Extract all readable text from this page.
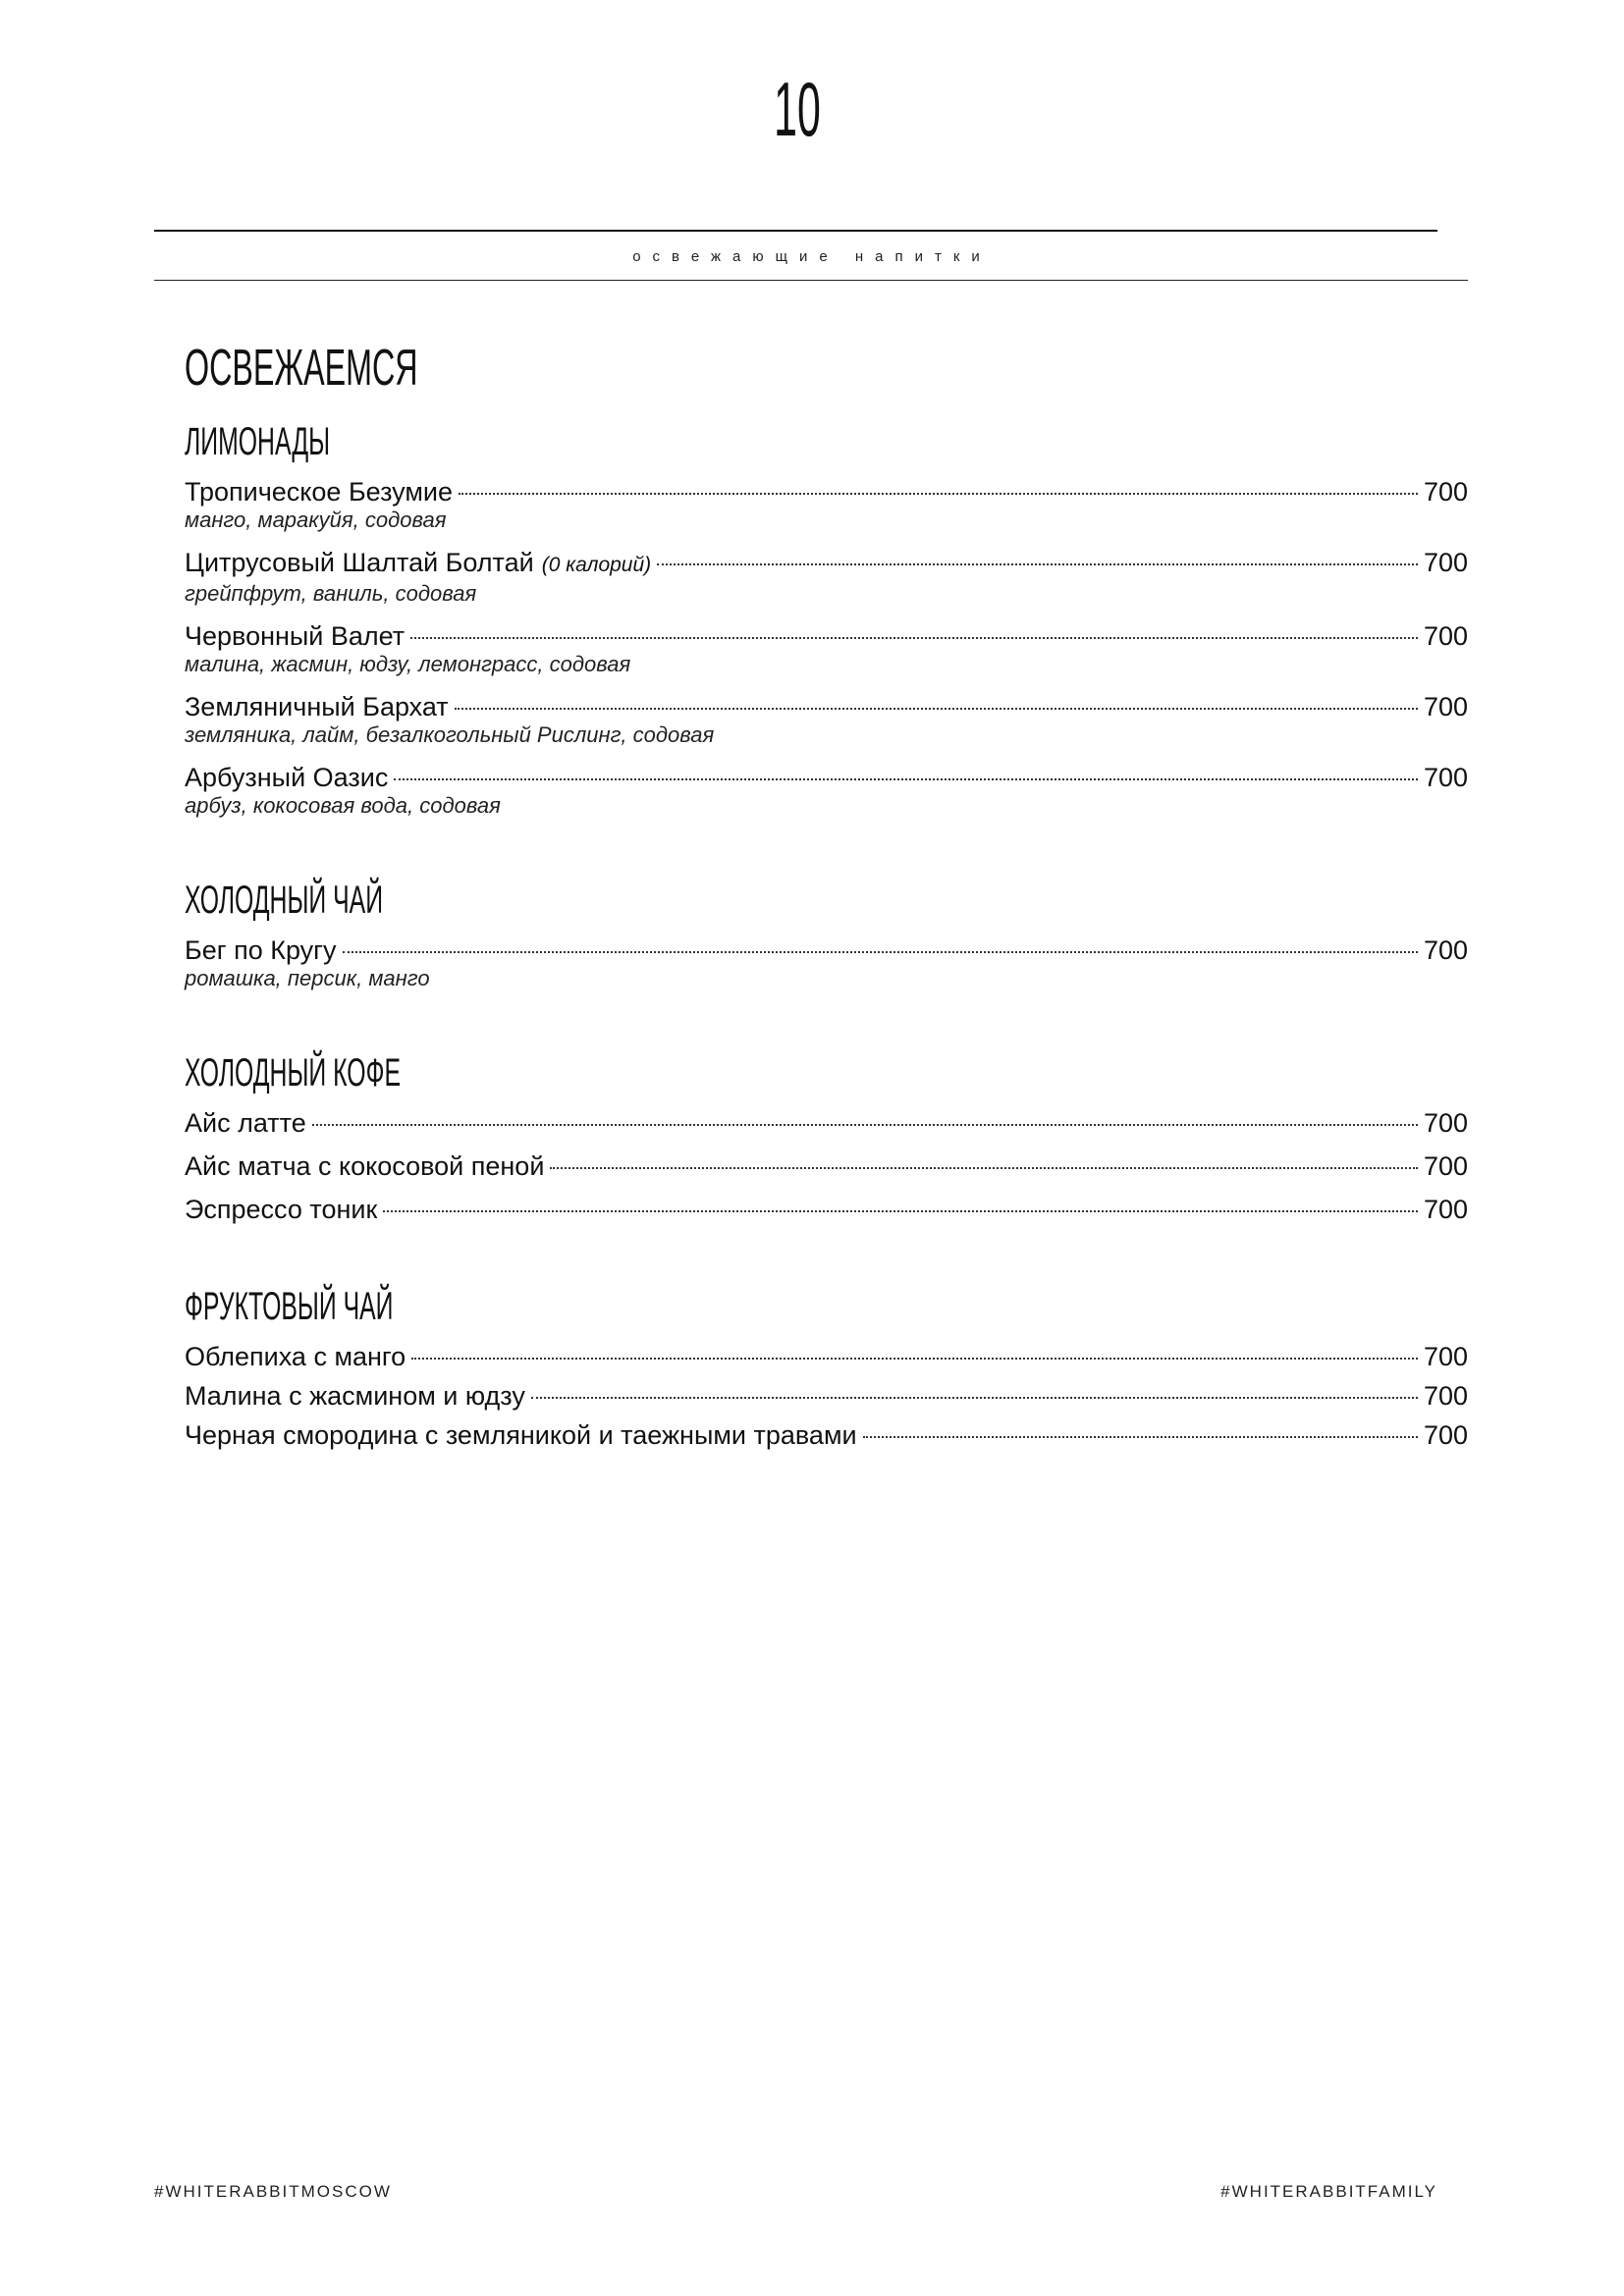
10
освежающие напитки
ОСВЕЖАЕМСЯ
ЛИМОНАДЫ
Тропическое Безумие	700
манго, маракуйя, содовая
Цитрусовый Шалтай Болтай (0 калорий)	700
грейпфрут, ваниль, содовая
Червонный Валет	700
малина, жасмин, юдзу, лемонграсс, содовая
Земляничный Бархат	700
земляника, лайм, безалкогольный Рислинг, содовая
Арбузный Оазис	700
арбуз, кокосовая вода, содовая
ХОЛОДНЫЙ ЧАЙ
Бег по Кругу	700
ромашка, персик, манго
ХОЛОДНЫЙ КОФЕ
Айс латте	700
Айс матча с кокосовой пеной	700
Эспрессо тоник	700
ФРУКТОВЫЙ ЧАЙ
Облепиха с манго	700
Малина с жасмином и юдзу	700
Черная смородина с земляникой и таежными травами	700
#WHITERABBITMOSCOW	#WHITERABBITFAMILY
